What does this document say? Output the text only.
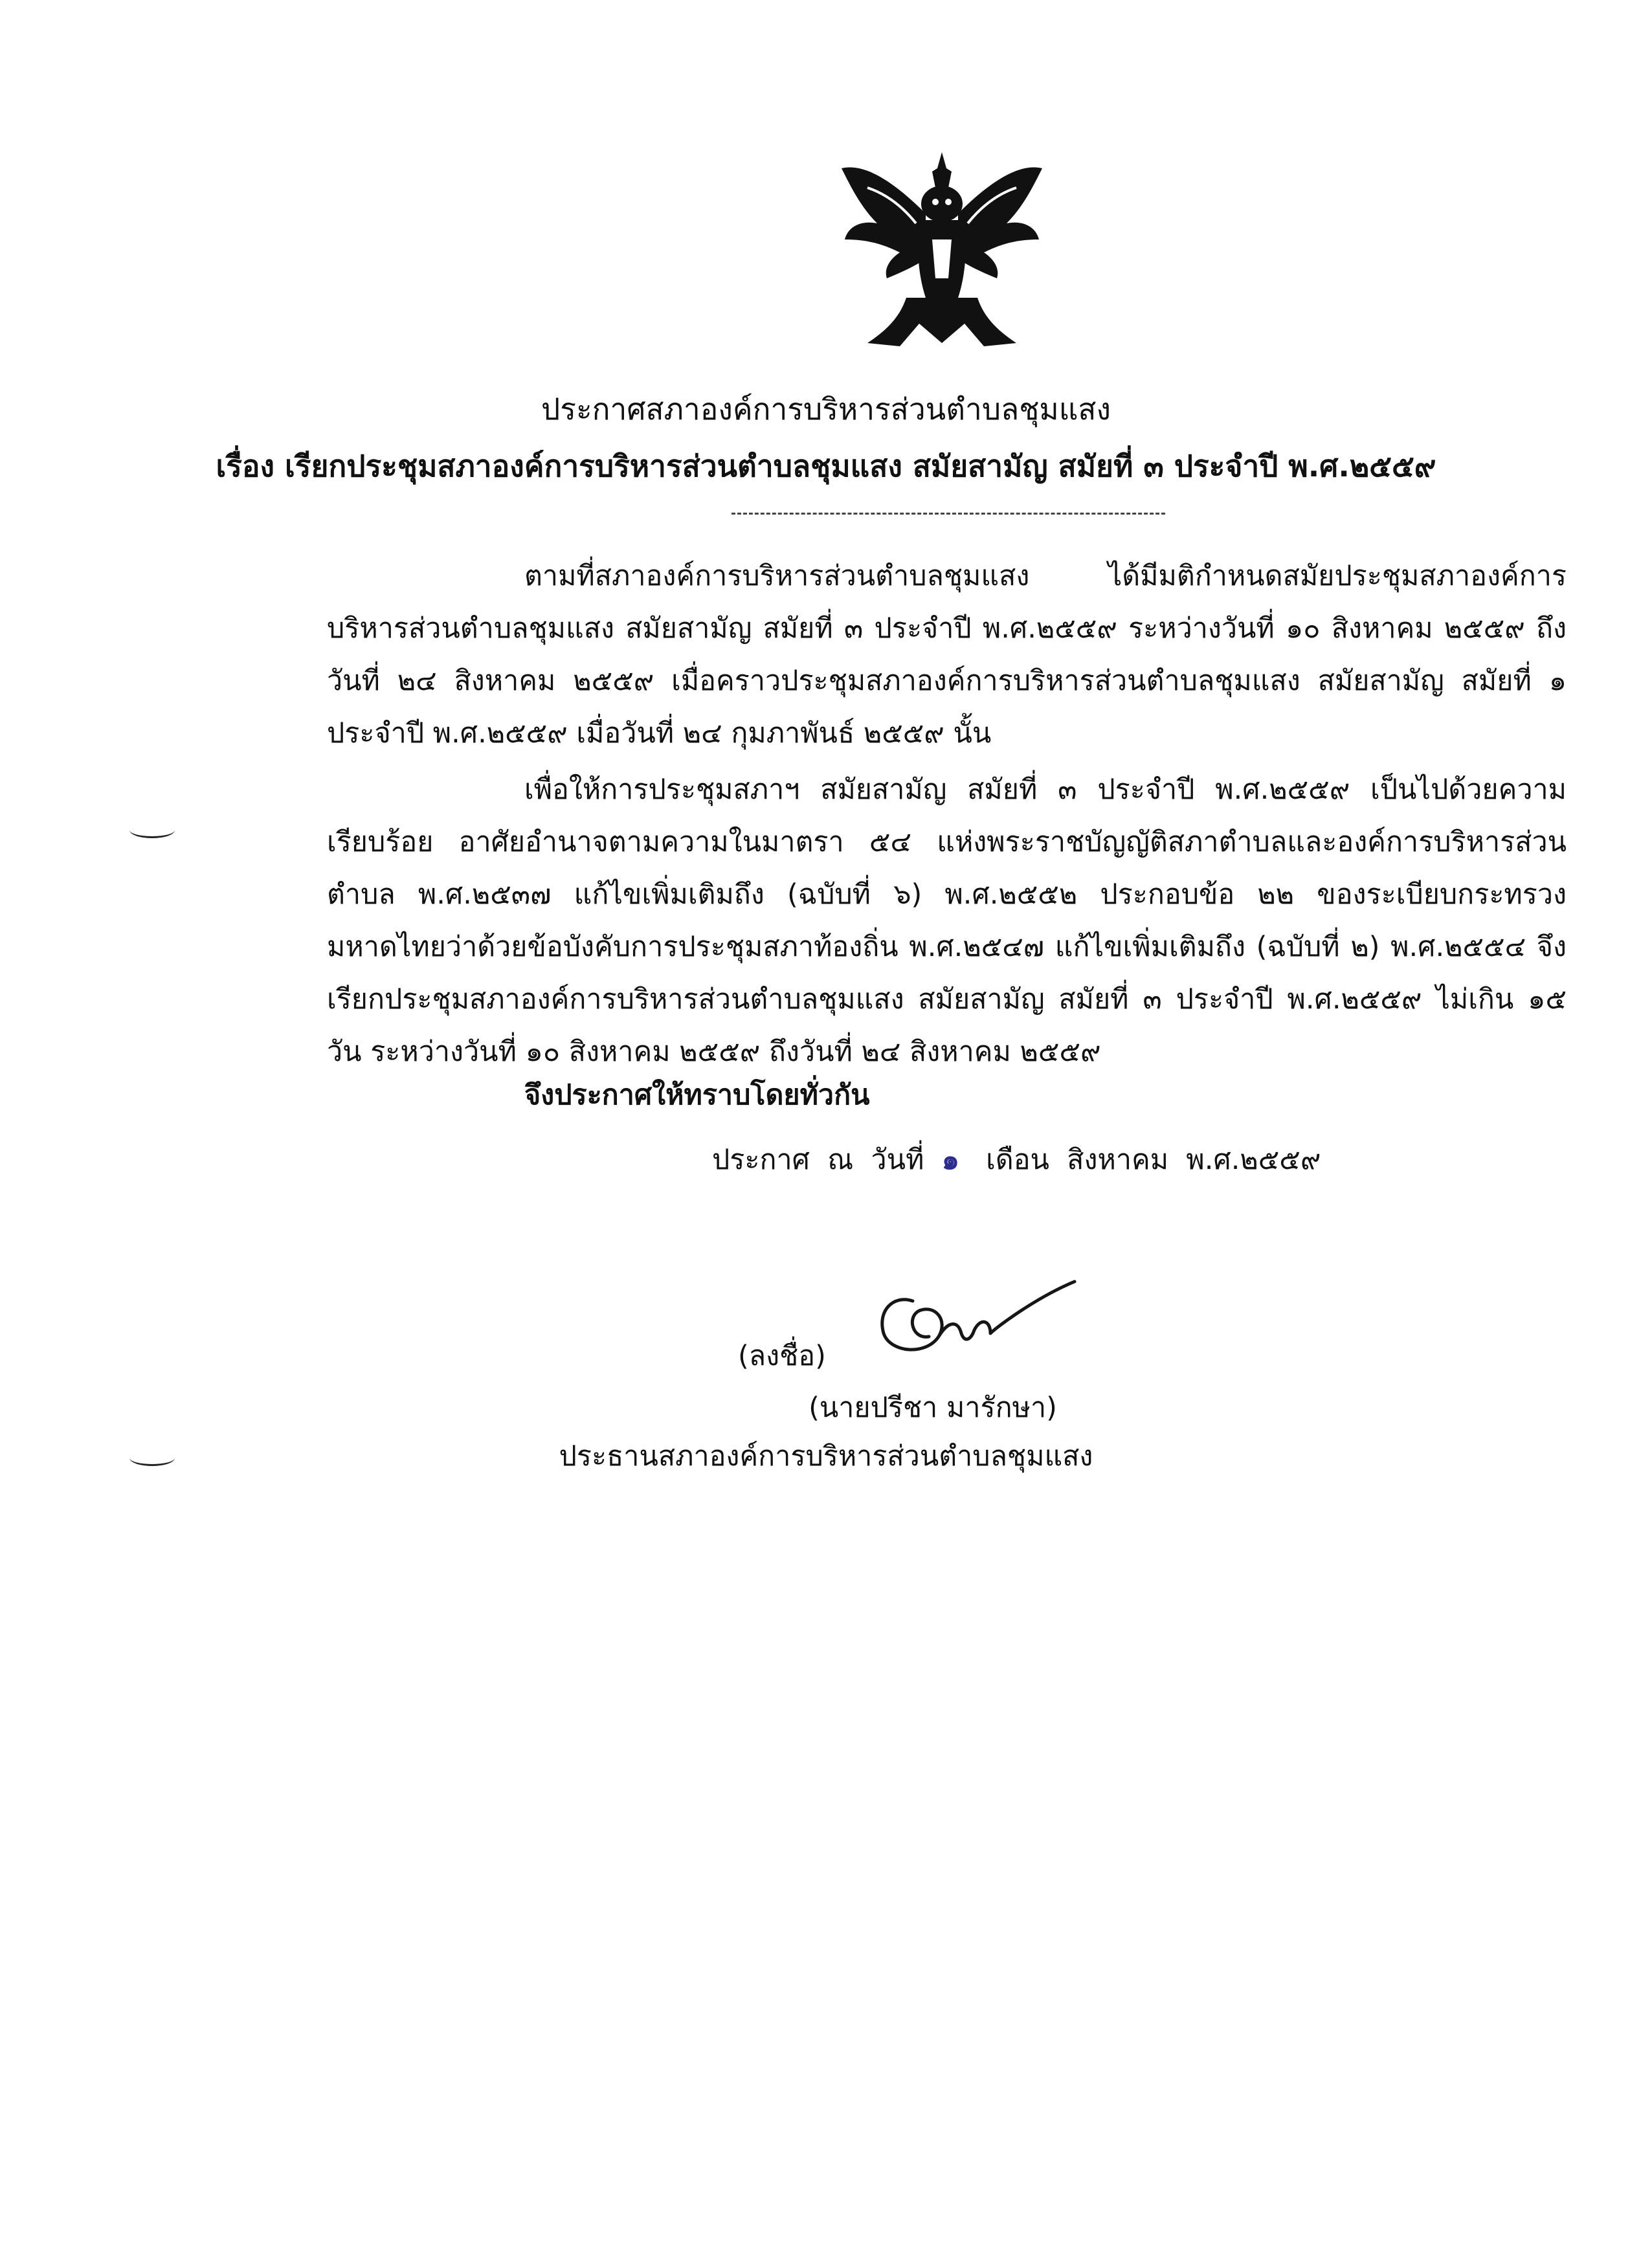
ประกาศสภาองค์การบริหารส่วนตำบลชุมแสง
เรื่อง เรียกประชุมสภาองค์การบริหารส่วนตำบลชุมแสง สมัยสามัญ สมัยที่ ๓ ประจำปี พ.ศ.๒๕๕๙
ตามที่สภาองค์การบริหารส่วนตำบลชุมแสง ได้มีมติกำหนดสมัยประชุมสภาองค์การบริหารส่วนตำบลชุมแสง สมัยสามัญ สมัยที่ ๓ ประจำปี พ.ศ.๒๕๕๙ ระหว่างวันที่ ๑๐ สิงหาคม ๒๕๕๙ ถึงวันที่ ๒๔ สิงหาคม ๒๕๕๙ เมื่อคราวประชุมสภาองค์การบริหารส่วนตำบลชุมแสง สมัยสามัญ สมัยที่ ๑ ประจำปี พ.ศ.๒๕๕๙ เมื่อวันที่ ๒๔ กุมภาพันธ์ ๒๕๕๙ นั้น
เพื่อให้การประชุมสภาฯ สมัยสามัญ สมัยที่ ๓ ประจำปี พ.ศ.๒๕๕๙ เป็นไปด้วยความเรียบร้อย อาศัยอำนาจตามความในมาตรา ๕๔ แห่งพระราชบัญญัติสภาตำบลและองค์การบริหารส่วนตำบล พ.ศ.๒๕๓๗ แก้ไขเพิ่มเติมถึง (ฉบับที่ ๖) พ.ศ.๒๕๕๒ ประกอบข้อ ๒๒ ของระเบียบกระทรวงมหาดไทยว่าด้วยข้อบังคับการประชุมสภาท้องถิ่น พ.ศ.๒๕๔๗ แก้ไขเพิ่มเติมถึง (ฉบับที่ ๒) พ.ศ.๒๕๕๔ จึงเรียกประชุมสภาองค์การบริหารส่วนตำบลชุมแสง สมัยสามัญ สมัยที่ ๓ ประจำปี พ.ศ.๒๕๕๙ ไม่เกิน ๑๕ วัน ระหว่างวันที่ ๑๐ สิงหาคม ๒๕๕๙ ถึงวันที่ ๒๔ สิงหาคม ๒๕๕๙
จึงประกาศให้ทราบโดยทั่วกัน
ประกาศ  ณ  วันที่ ๑ เดือน  สิงหาคม  พ.ศ.๒๕๕๙
(ลงชื่อ)
(นายปรีชา มารักษา)
ประธานสภาองค์การบริหารส่วนตำบลชุมแสง
